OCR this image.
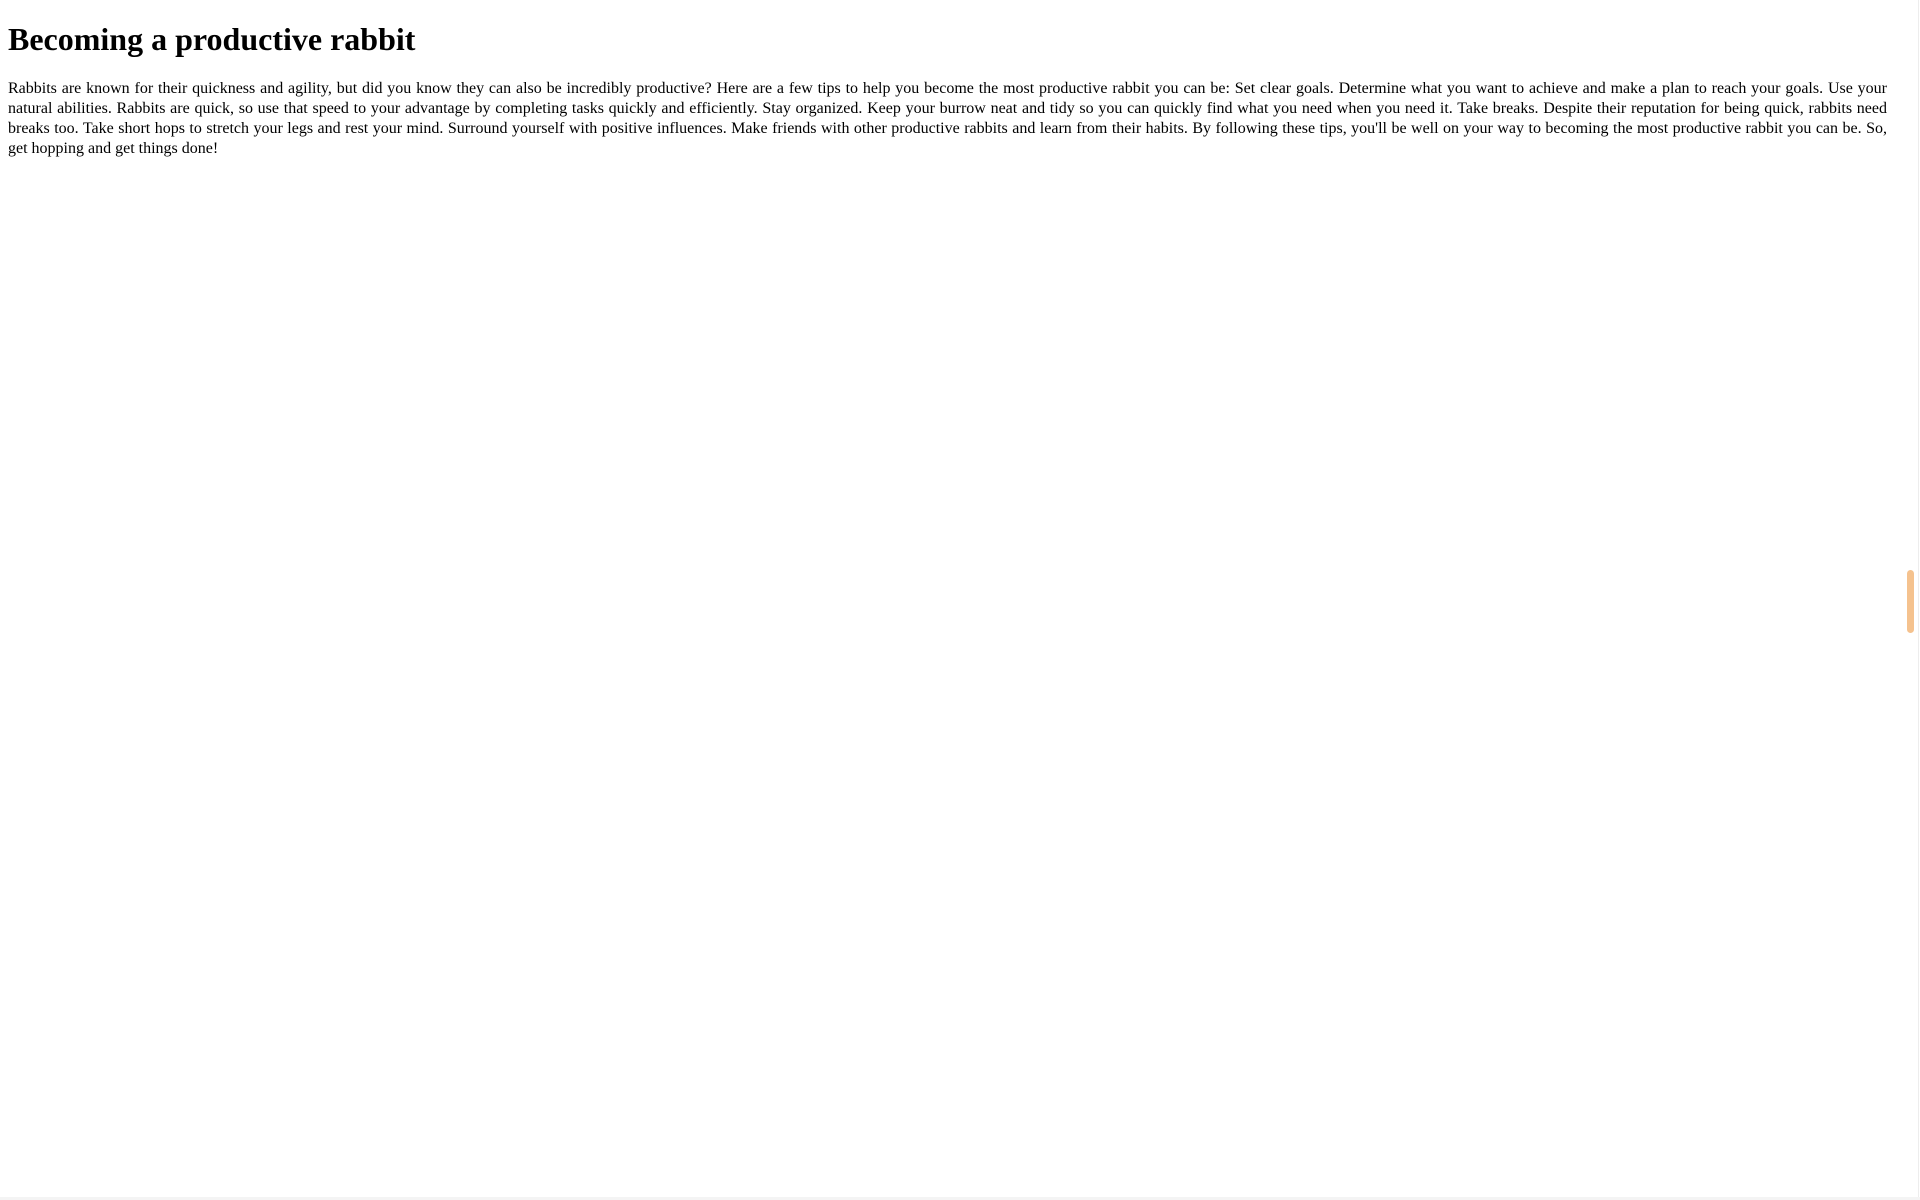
Becoming a productive rabbit

Rabbits are known for their quickness and agility, but did you know they can also be incredibly productive? Here are a few tips to help you become the most productive rabbit you can be: Set clear goals. Determine what you want to achieve and make a plan to reach your goals. Use your natural abilities. Rabbits are quick, so use that speed to your advantage by completing tasks quickly and efficiently. Stay organized. Keep your burrow neat and tidy so you can quickly find what you need when you need it. Take breaks. Despite their reputation for being quick, rabbits need breaks too. Take short hops to stretch your legs and rest your mind. Surround yourself with positive influences. Make friends with other productive rabbits and learn from their habits. By following these tips, you'll be well on your way to becoming the most productive rabbit you can be. So, get hopping and get things done!
